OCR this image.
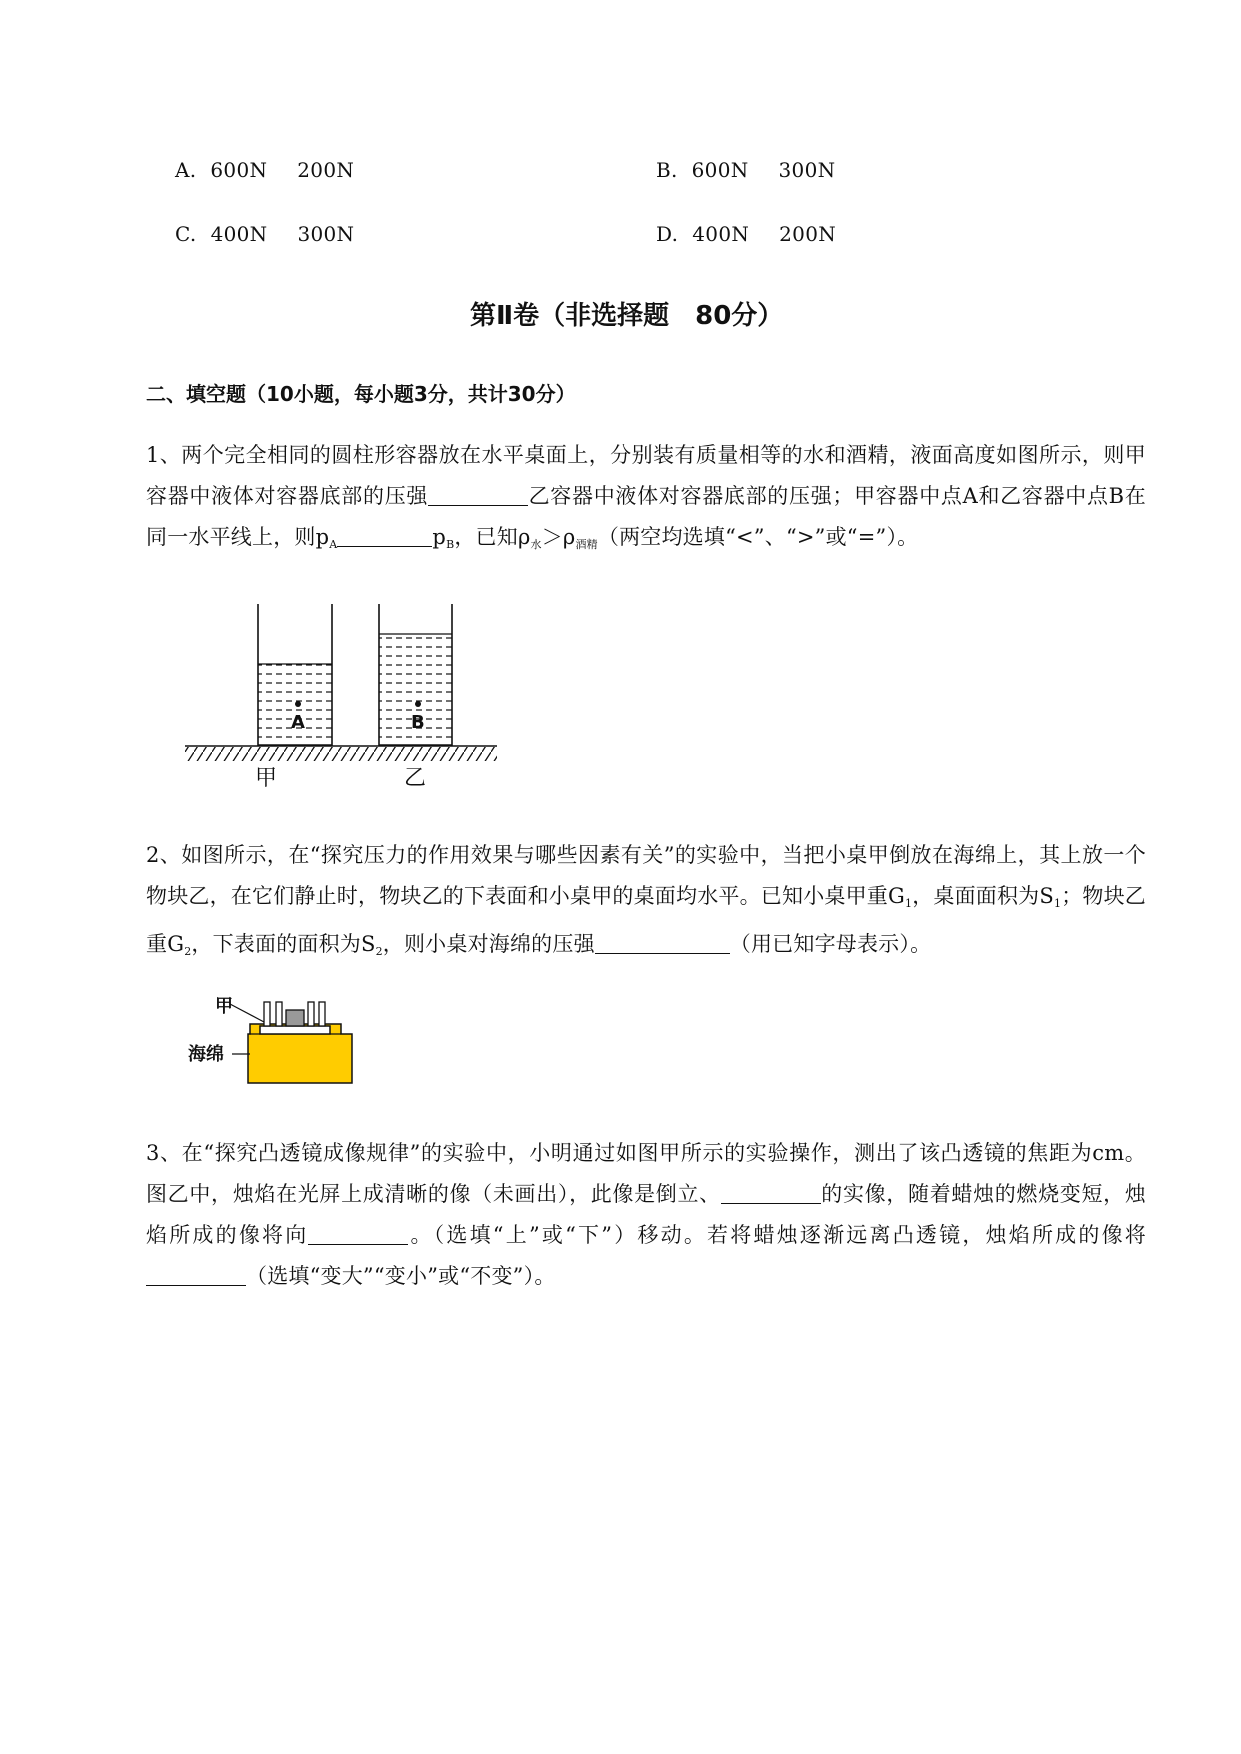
A. 600N 200N	B. 600N 300N
C. 400N 300N	D. 400N 200N
第Ⅱ卷（非选择题　80分）
二、填空题（10小题，每小题3分，共计30分）
1、两个完全相同的圆柱形容器放在水平桌面上，分别装有质量相等的水和酒精，液面高度如图所示，则甲容器中液体对容器底部的压强	乙容器中液体对容器底部的压强；甲容器中点A和乙容器中点B在同一水平线上，则$p_A$	$p_B$，已知$\rho_水>\rho_{酒精}$（两空均选填“<”、“>”或“=”）。
A	B
甲	乙
2、如图所示，在“探究压力的作用效果与哪些因素有关”的实验中，当把小桌甲倒放在海绵上，其上放一个物块乙，在它们静止时，物块乙的下表面和小桌甲的桌面均水平。已知小桌甲重$G_1$，桌面面积为$S_1$；物块乙重$G_2$，下表面的面积为$S_2$，则小桌对海绵的压强	（用已知字母表示）。
甲
海绵
3、在“探究凸透镜成像规律”的实验中，小明通过如图甲所示的实验操作，测出了该凸透镜的焦距为cm。图乙中，烛焰在光屏上成清晰的像（未画出），此像是倒立、	的实像，随着蜡烛的燃烧变短，烛焰所成的像将向	。（选填“上”或“下”）移动。若将蜡烛逐渐远离凸透镜，烛焰所成的像将（选填“变大”“变小”或“不变”）。
